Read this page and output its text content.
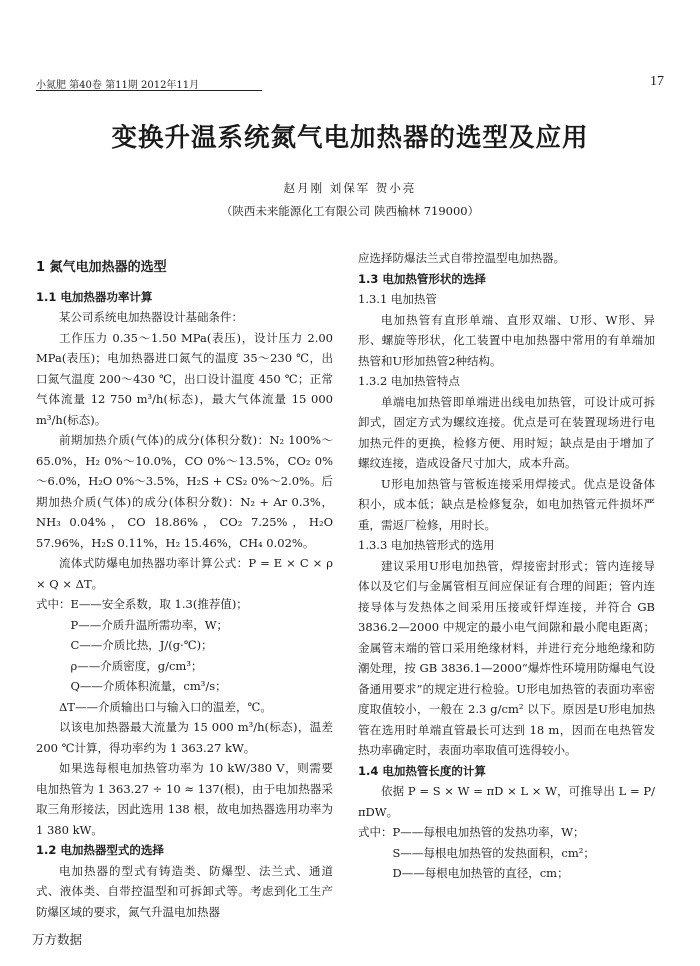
小氮肥 第40卷 第11期 2012年11月	17
变换升温系统氮气电加热器的选型及应用
赵月刚 刘保军 贺小亮
（陕西未来能源化工有限公司 陕西榆林 719000）

1 氮气电加热器的选型

1.1 电加热器功率计算

某公司系统电加热器设计基础条件：

工作压力 0.35～1.50 MPa(表压)，设计压力 2.00 MPa(表压)；电加热器进口氮气的温度 35～230 ℃，出口氮气温度 200～430 ℃，出口设计温度 450 ℃；正常气体流量 12 750 m³/h(标态)，最大气体流量 15 000 m³/h(标态)。

前期加热介质(气体)的成分(体积分数)：N₂ 100%～65.0%，H₂ 0%～10.0%，CO 0%～13.5%，CO₂ 0%～6.0%，H₂O 0%～3.5%，H₂S + CS₂ 0%～2.0%。后期加热介质(气体)的成分(体积分数)：N₂ + Ar 0.3%，NH₃ 0.04%，CO 18.86%，CO₂ 7.25%，H₂O 57.96%，H₂S 0.11%，H₂ 15.46%，CH₄ 0.02%。

流体式防爆电加热器功率计算公式：P = E × C × ρ × Q × ΔT。

式中：E——安全系数，取 1.3(推荐值)；

P——介质升温所需功率，W；

C——介质比热，J/(g·℃)；

ρ——介质密度，g/cm³；

Q——介质体积流量，cm³/s；

ΔT——介质输出口与输入口的温差，℃。

以该电加热器最大流量为 15 000 m³/h(标态)，温差 200 ℃计算，得功率约为 1 363.27 kW。

如果选每根电加热管功率为 10 kW/380 V，则需要电加热管为 1 363.27 ÷ 10 ≈ 137(根)，由于电加热器采取三角形接法，因此选用 138 根，故电加热器选用功率为 1 380 kW。

1.2 电加热器型式的选择

电加热器的型式有铸造类、防爆型、法兰式、通道式、液体类、自带控温型和可拆卸式等。考虑到化工生产防爆区域的要求，氮气升温电加热器

应选择防爆法兰式自带控温型电加热器。

1.3 电加热管形状的选择

1.3.1 电加热管

电加热管有直形单端、直形双端、U形、W形、异形、螺旋等形状，化工装置中电加热器中常用的有单端加热管和U形加热管2种结构。

1.3.2 电加热管特点

单端电加热管即单端进出线电加热管，可设计成可拆卸式，固定方式为螺纹连接。优点是可在装置现场进行电加热元件的更换，检修方便、用时短；缺点是由于增加了螺纹连接，造成设备尺寸加大，成本升高。

U形电加热管与管板连接采用焊接式。优点是设备体积小，成本低；缺点是检修复杂，如电加热管元件损坏严重，需返厂检修，用时长。

1.3.3 电加热管形式的选用

建议采用U形电加热管，焊接密封形式；管内连接导体以及它们与金属管相互间应保证有合理的间距；管内连接导体与发热体之间采用压接或钎焊连接，并符合 GB 3836.2—2000 中规定的最小电气间隙和最小爬电距离；金属管末端的管口采用绝缘材料，并进行充分地绝缘和防潮处理，按 GB 3836.1—2000“爆炸性环境用防爆电气设备通用要求”的规定进行检验。U形电加热管的表面功率密度取值较小，一般在 2.3 g/cm² 以下。原因是U形电加热管在选用时单端直管最长可达到 18 m，因而在电热管发热功率确定时，表面功率取值可选得较小。

1.4 电加热管长度的计算

依据 P = S × W = πD × L × W，可推导出 L = P/πDW。

式中：P——每根电加热管的发热功率，W；

S——每根电加热管的发热面积，cm²；

D——每根电加热管的直径，cm；

万方数据
